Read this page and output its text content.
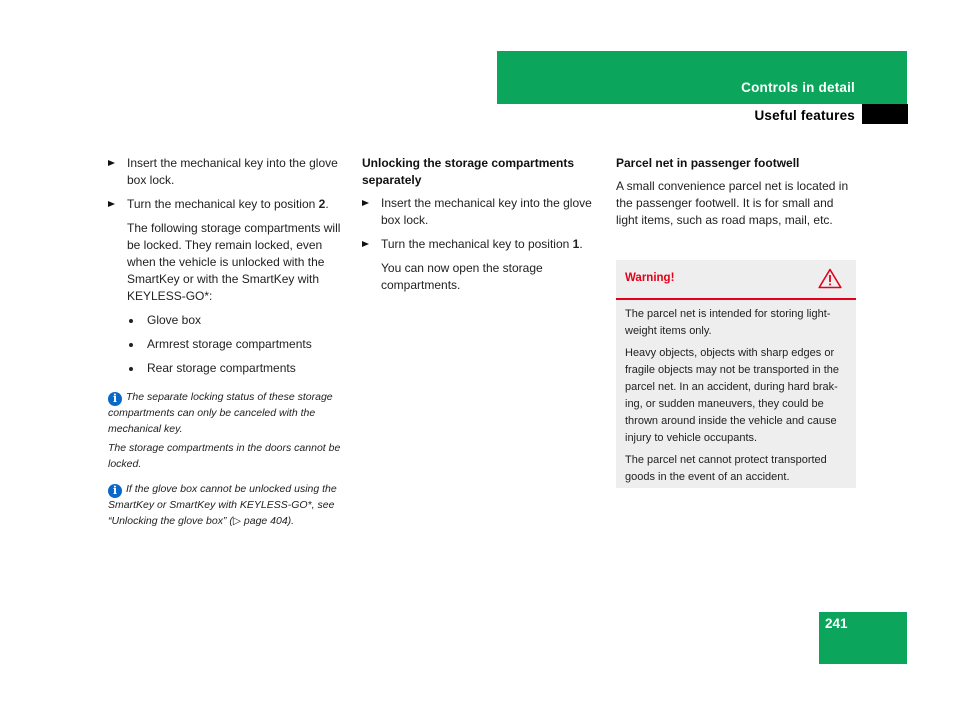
Controls in detail
Useful features
Insert the mechanical key into the glove box lock.
Turn the mechanical key to position 2.
The following storage compartments will be locked. They remain locked, even when the vehicle is unlocked with the SmartKey or with the SmartKey with KEYLESS-GO*:
Glove box
Armrest storage compartments
Rear storage compartments
i The separate locking status of these storage compartments can only be canceled with the mechanical key.
The storage compartments in the doors cannot be locked.
i If the glove box cannot be unlocked using the SmartKey or SmartKey with KEYLESS-GO*, see “Unlocking the glove box” (▷ page 404).
Unlocking the storage compartments separately
Insert the mechanical key into the glove box lock.
Turn the mechanical key to position 1.
You can now open the storage compartments.
Parcel net in passenger footwell
A small convenience parcel net is located in the passenger footwell. It is for small and light items, such as road maps, mail, etc.
Warning!

The parcel net is intended for storing light-weight items only.

Heavy objects, objects with sharp edges or fragile objects may not be transported in the parcel net. In an accident, during hard brak-ing, or sudden maneuvers, they could be thrown around inside the vehicle and cause injury to vehicle occupants.

The parcel net cannot protect transported goods in the event of an accident.

241
